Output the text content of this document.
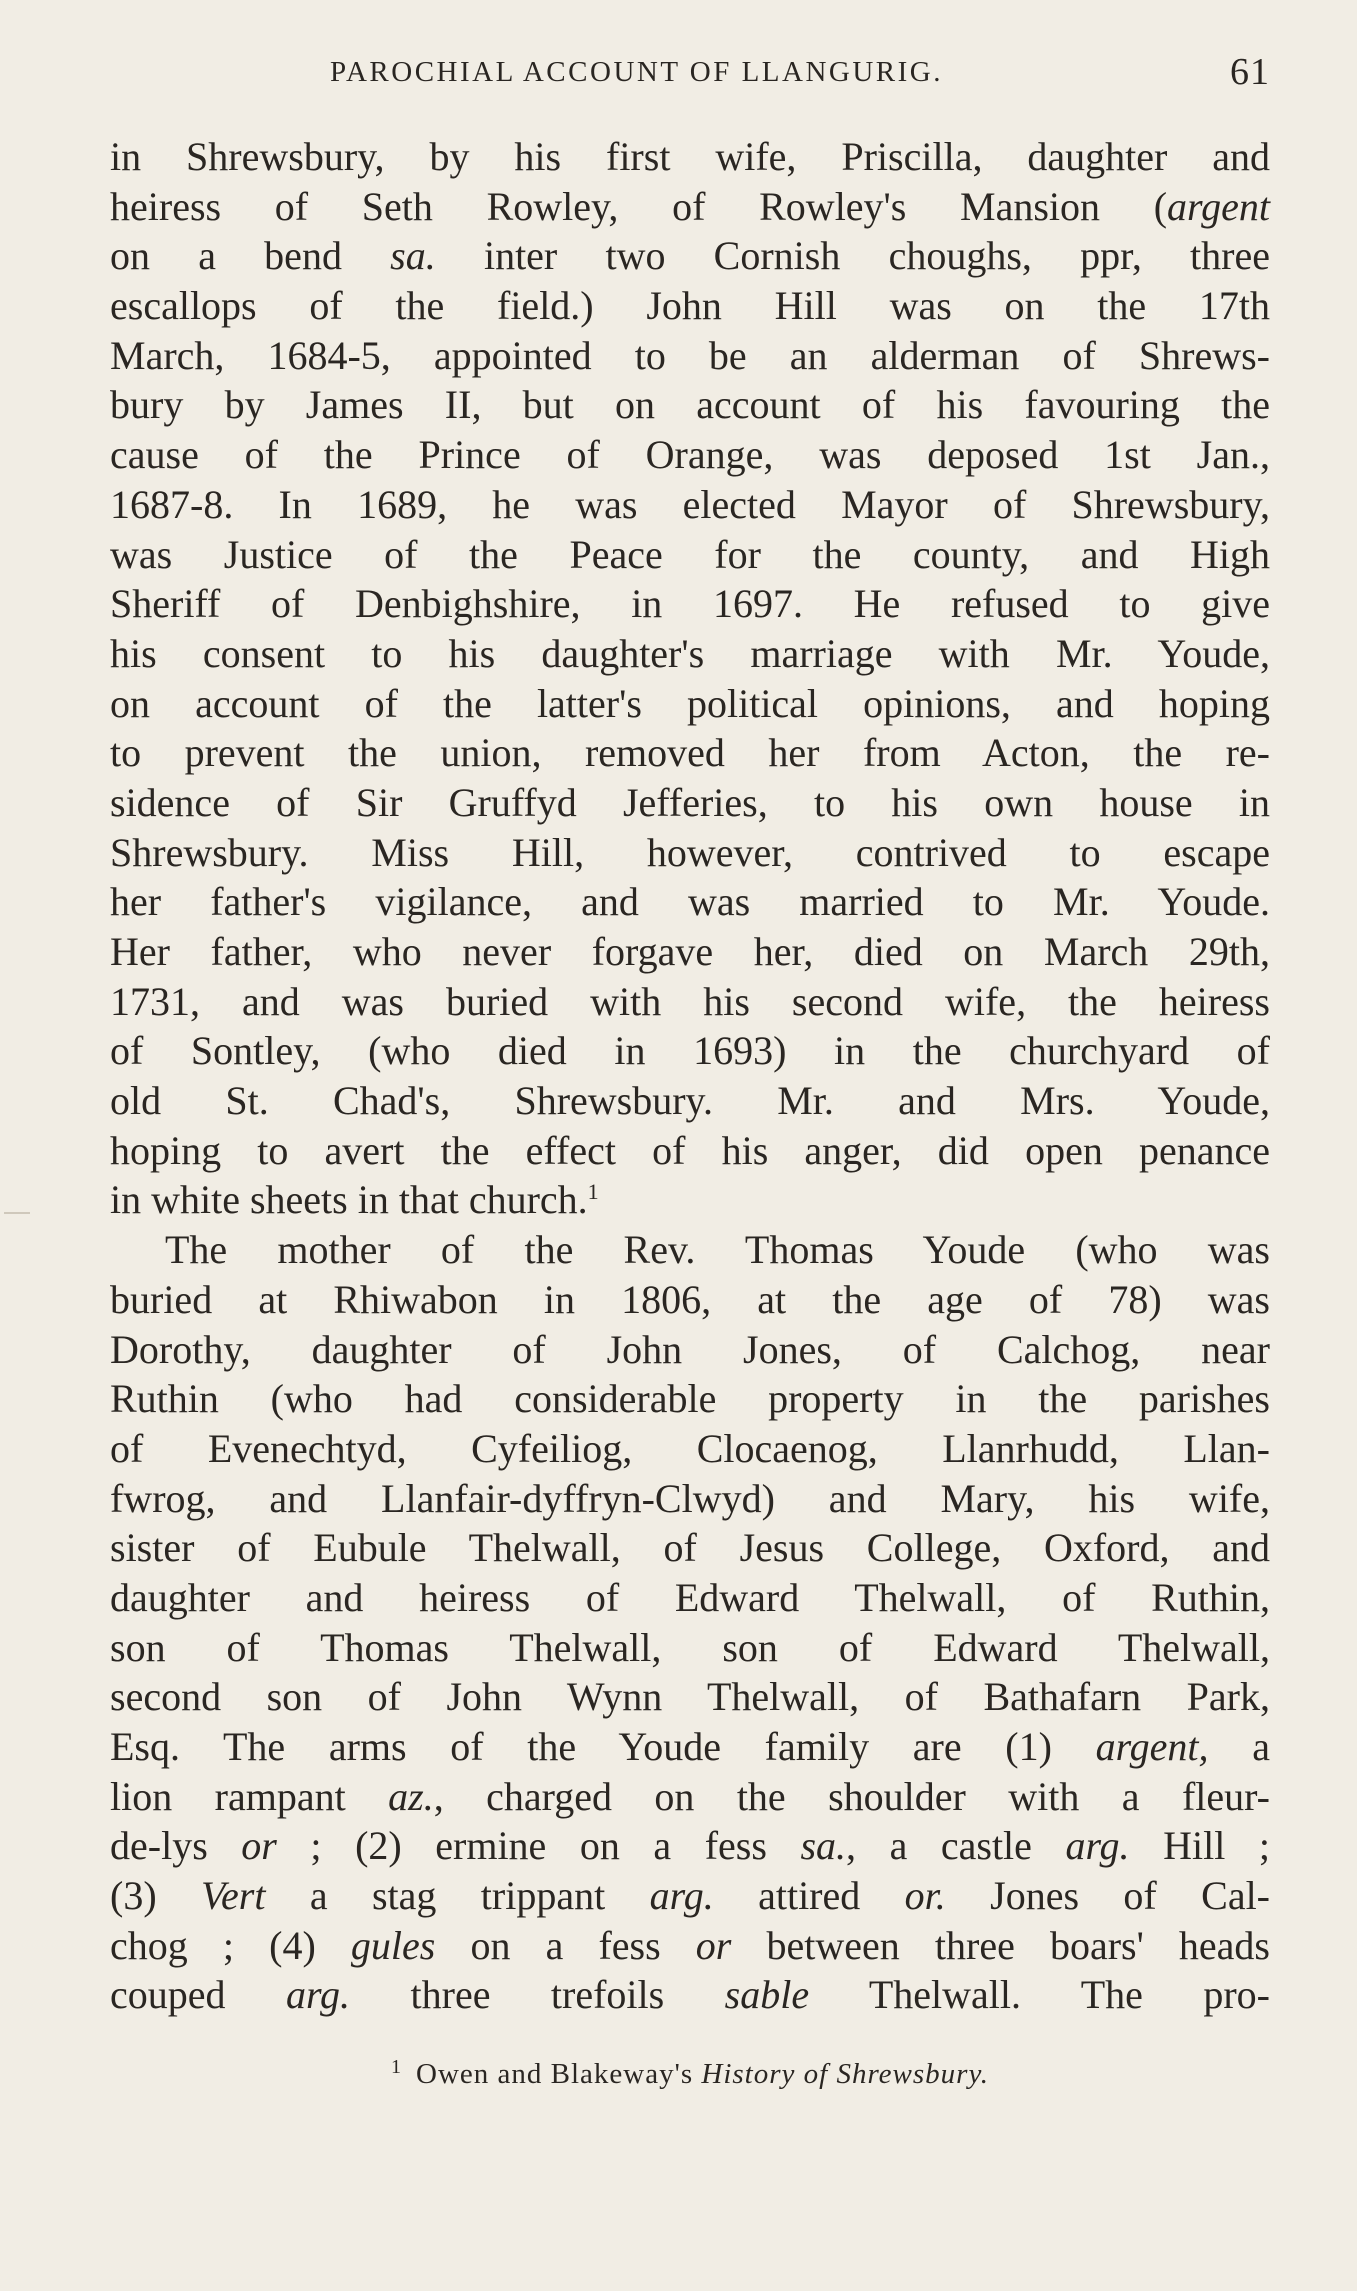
PAROCHIAL ACCOUNT OF LLANGURIG.	61
in Shrewsbury, by his first wife, Priscilla, daughter and
heiress of Seth Rowley, of Rowley's Mansion (argent
on a bend sa. inter two Cornish choughs, ppr, three
escallops of the field.) John Hill was on the 17th
March, 1684-5, appointed to be an alderman of Shrews-
bury by James II, but on account of his favouring the
cause of the Prince of Orange, was deposed 1st Jan.,
1687-8. In 1689, he was elected Mayor of Shrewsbury,
was Justice of the Peace for the county, and High
Sheriff of Denbighshire, in 1697. He refused to give
his consent to his daughter's marriage with Mr. Youde,
on account of the latter's political opinions, and hoping
to prevent the union, removed her from Acton, the re-
sidence of Sir Gruffyd Jefferies, to his own house in
Shrewsbury. Miss Hill, however, contrived to escape
her father's vigilance, and was married to Mr. Youde.
Her father, who never forgave her, died on March 29th,
1731, and was buried with his second wife, the heiress
of Sontley, (who died in 1693) in the churchyard of
old St. Chad's, Shrewsbury. Mr. and Mrs. Youde,
hoping to avert the effect of his anger, did open penance
in white sheets in that church.$^1$
The mother of the Rev. Thomas Youde (who was
buried at Rhiwabon in 1806, at the age of 78) was
Dorothy, daughter of John Jones, of Calchog, near
Ruthin (who had considerable property in the parishes
of Evenechtyd, Cyfeiliog, Clocaenog, Llanrhudd, Llan-
fwrog, and Llanfair-dyffryn-Clwyd) and Mary, his wife,
sister of Eubule Thelwall, of Jesus College, Oxford, and
daughter and heiress of Edward Thelwall, of Ruthin,
son of Thomas Thelwall, son of Edward Thelwall,
second son of John Wynn Thelwall, of Bathafarn Park,
Esq. The arms of the Youde family are (1) argent, a
lion rampant az., charged on the shoulder with a fleur-
de-lys or ; (2) ermine on a fess sa., a castle arg. Hill ;
(3) Vert a stag trippant arg. attired or. Jones of Cal-
chog ; (4) gules on a fess or between three boars' heads
couped arg. three trefoils sable Thelwall. The pro-
$^1$ Owen and Blakeway's History of Shrewsbury.
